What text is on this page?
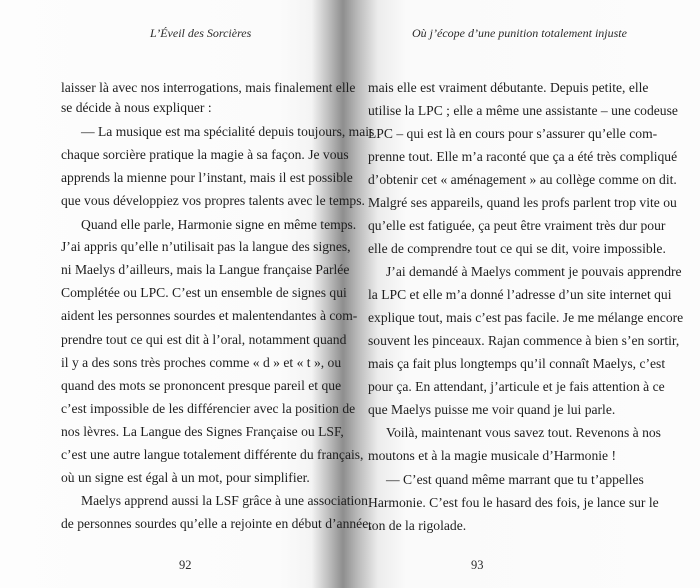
L’Éveil des Sorcières

laisser là avec nos interrogations, mais finalement elle

se décide à nous expliquer :

— La musique est ma spécialité depuis toujours, mais

chaque sorcière pratique la magie à sa façon. Je vous

apprends la mienne pour l’instant, mais il est possible

que vous développiez vos propres talents avec le temps.

Quand elle parle, Harmonie signe en même temps.

J’ai appris qu’elle n’utilisait pas la langue des signes,

ni Maelys d’ailleurs, mais la Langue française Parlée

Complétée ou LPC. C’est un ensemble de signes qui

aident les personnes sourdes et malentendantes à com-

prendre tout ce qui est dit à l’oral, notamment quand

il y a des sons très proches comme « d » et « t », ou

quand des mots se prononcent presque pareil et que

c’est impossible de les différencier avec la position de

nos lèvres. La Langue des Signes Française ou LSF,

c’est une autre langue totalement différente du français,

où un signe est égal à un mot, pour simplifier.

Maelys apprend aussi la LSF grâce à une association

de personnes sourdes qu’elle a rejointe en début d’année,

92

Où j’écope d’une punition totalement injuste

mais elle est vraiment débutante. Depuis petite, elle

utilise la LPC ; elle a même une assistante – une codeuse

LPC – qui est là en cours pour s’assurer qu’elle com-

prenne tout. Elle m’a raconté que ça a été très compliqué

d’obtenir cet « aménagement » au collège comme on dit.

Malgré ses appareils, quand les profs parlent trop vite ou

qu’elle est fatiguée, ça peut être vraiment très dur pour

elle de comprendre tout ce qui se dit, voire impossible.

J’ai demandé à Maelys comment je pouvais apprendre

la LPC et elle m’a donné l’adresse d’un site internet qui

explique tout, mais c’est pas facile. Je me mélange encore

souvent les pinceaux. Rajan commence à bien s’en sortir,

mais ça fait plus longtemps qu’il connaît Maelys, c’est

pour ça. En attendant, j’articule et je fais attention à ce

que Maelys puisse me voir quand je lui parle.

Voilà, maintenant vous savez tout. Revenons à nos

moutons et à la magie musicale d’Harmonie !

— C’est quand même marrant que tu t’appelles

Harmonie. C’est fou le hasard des fois, je lance sur le

ton de la rigolade.

93
